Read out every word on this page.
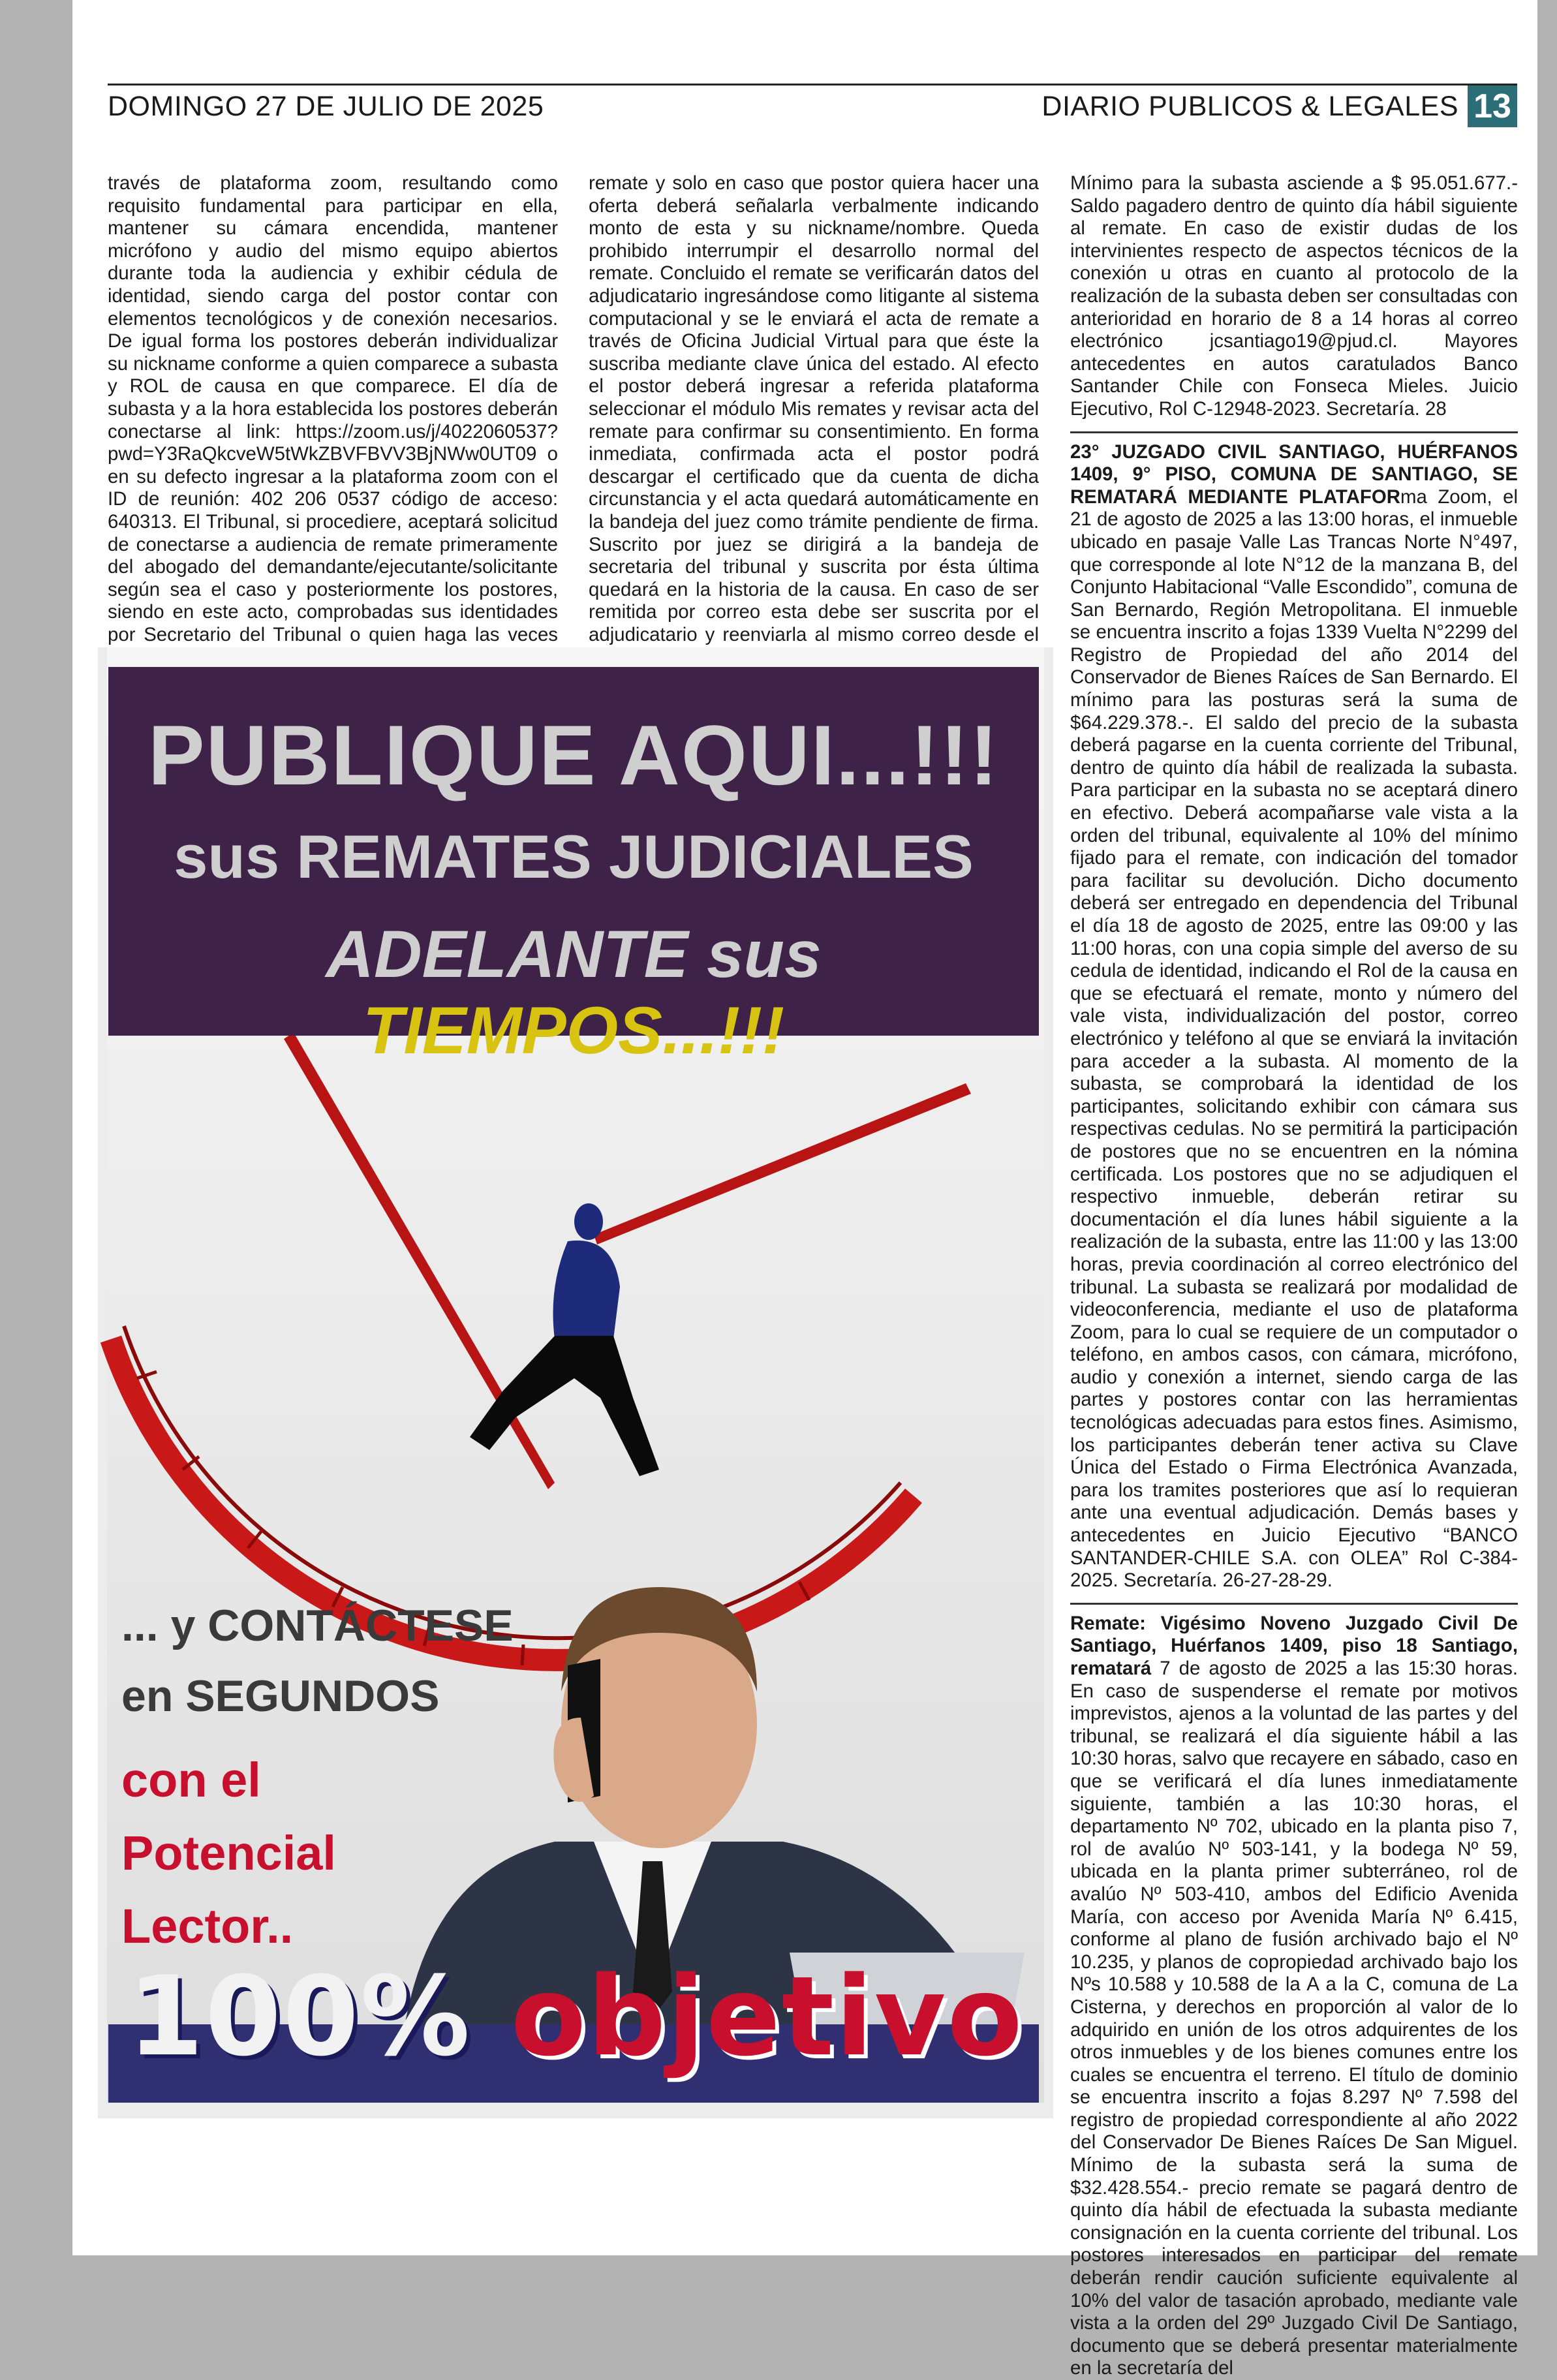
DOMINGO 27 DE JULIO DE 2025	DIARIO PUBLICOS & LEGALES 13

través de plataforma zoom, resultando como requisito fundamental para participar en ella, mantener su cámara encendida, mantener micrófono y audio del mismo equipo abiertos durante toda la audiencia y exhibir cédula de identidad, siendo carga del postor contar con elementos tecnológicos y de conexión necesarios. De igual forma los postores deberán individualizar su nickname conforme a quien comparece a subasta y ROL de causa en que comparece. El día de subasta y a la hora establecida los postores deberán conectarse al link: https://zoom.us/j/4022060537?pwd=Y3RaQkcveW5tWkZBVFBVV3BjNWw0UT09 o en su defecto ingresar a la plataforma zoom con el ID de reunión: 402 206 0537 código de acceso: 640313. El Tribunal, si procediere, aceptará solicitud de conectarse a audiencia de remate primeramente del abogado del demandante/ejecutante/solicitante según sea el caso y posteriormente los postores, siendo en este acto, comprobadas sus identidades por Secretario del Tribunal o quien haga las veces

remate y solo en caso que postor quiera hacer una oferta deberá señalarla verbalmente indicando monto de esta y su nickname/nombre. Queda prohibido interrumpir el desarrollo normal del remate. Concluido el remate se verificarán datos del adjudicatario ingresándose como litigante al sistema computacional y se le enviará el acta de remate a través de Oficina Judicial Virtual para que éste la suscriba mediante clave única del estado. Al efecto el postor deberá ingresar a referida plataforma seleccionar el módulo Mis remates y revisar acta del remate para confirmar su consentimiento. En forma inmediata, confirmada acta el postor podrá descargar el certificado que da cuenta de dicha circunstancia y el acta quedará automáticamente en la bandeja del juez como trámite pendiente de firma. Suscrito por juez se dirigirá a la bandeja de secretaria del tribunal y suscrita por ésta última quedará en la historia de la causa. En caso de ser remitida por correo esta debe ser suscrita por el adjudicatario y reenviarla al mismo correo desde el

Mínimo para la subasta asciende a $ 95.051.677.- Saldo pagadero dentro de quinto día hábil siguiente al remate. En caso de existir dudas de los intervinientes respecto de aspectos técnicos de la conexión u otras en cuanto al protocolo de la realización de la subasta deben ser consultadas con anterioridad en horario de 8 a 14 horas al correo electrónico jcsantiago19@pjud.cl. Mayores antecedentes en autos caratulados Banco Santander Chile con Fonseca Mieles. Juicio Ejecutivo, Rol C-12948-2023. Secretaría. 28

23° JUZGADO CIVIL SANTIAGO, HUÉRFANOS 1409, 9° PISO, COMUNA DE SANTIAGO, SE REMATARÁ MEDIANTE PLATAFORma Zoom, el 21 de agosto de 2025 a las 13:00 horas, el inmueble ubicado en pasaje Valle Las Trancas Norte N°497, que corresponde al lote N°12 de la manzana B, del Conjunto Habitacional “Valle Escondido”, comuna de San Bernardo, Región Metropolitana. El inmueble se encuentra inscrito a fojas 1339 Vuelta N°2299 del Registro de Propiedad del año 2014 del Conservador de Bienes Raíces de San Bernardo. El mínimo para las posturas será la suma de $64.229.378.-. El saldo del precio de la subasta deberá pagarse en la cuenta corriente del Tribunal, dentro de quinto día hábil de realizada la subasta. Para participar en la subasta no se aceptará dinero en efectivo. Deberá acompañarse vale vista a la orden del tribunal, equivalente al 10% del mínimo fijado para el remate, con indicación del tomador para facilitar su devolución. Dicho documento deberá ser entregado en dependencia del Tribunal el día 18 de agosto de 2025, entre las 09:00 y las 11:00 horas, con una copia simple del averso de su cedula de identidad, indicando el Rol de la causa en que se efectuará el remate, monto y número del vale vista, individualización del postor, correo electrónico y teléfono al que se enviará la invitación para acceder a la subasta. Al momento de la subasta, se comprobará la identidad de los participantes, solicitando exhibir con cámara sus respectivas cedulas. No se permitirá la participación de postores que no se encuentren en la nómina certificada. Los postores que no se adjudiquen el respectivo inmueble, deberán retirar su documentación el día lunes hábil siguiente a la realización de la subasta, entre las 11:00 y las 13:00 horas, previa coordinación al correo electrónico del tribunal. La subasta se realizará por modalidad de videoconferencia, mediante el uso de plataforma Zoom, para lo cual se requiere de un computador o teléfono, en ambos casos, con cámara, micrófono, audio y conexión a internet, siendo carga de las partes y postores contar con las herramientas tecnológicas adecuadas para estos fines. Asimismo, los participantes deberán tener activa su Clave Única del Estado o Firma Electrónica Avanzada, para los tramites posteriores que así lo requieran ante una eventual adjudicación. Demás bases y antecedentes en Juicio Ejecutivo “BANCO SANTANDER-CHILE S.A. con OLEA” Rol C-384-2025. Secretaría. 26-27-28-29.

Remate: Vigésimo Noveno Juzgado Civil De Santiago, Huérfanos 1409, piso 18 Santiago, rematará 7 de agosto de 2025 a las 15:30 horas. En caso de suspenderse el remate por motivos imprevistos, ajenos a la voluntad de las partes y del tribunal, se realizará el día siguiente hábil a las 10:30 horas, salvo que recayere en sábado, caso en que se verificará el día lunes inmediatamente siguiente, también a las 10:30 horas, el departamento Nº 702, ubicado en la planta piso 7, rol de avalúo Nº 503-141, y la bodega Nº 59, ubicada en la planta primer subterráneo, rol de avalúo Nº 503-410, ambos del Edificio Avenida María, con acceso por Avenida María Nº 6.415, conforme al plano de fusión archivado bajo el Nº 10.235, y planos de copropiedad archivado bajo los Nºs 10.588 y 10.588 de la A a la C, comuna de La Cisterna, y derechos en proporción al valor de lo adquirido en unión de los otros adquirentes de los otros inmuebles y de los bienes comunes entre los cuales se encuentra el terreno. El título de dominio se encuentra inscrito a fojas 8.297 Nº 7.598 del registro de propiedad correspondiente al año 2022 del Conservador De Bienes Raíces De San Miguel. Mínimo de la subasta será la suma de $32.428.554.- precio remate se pagará dentro de quinto día hábil de efectuada la subasta mediante consignación en la cuenta corriente del tribunal. Los postores interesados en participar del remate deberán rendir caución suficiente equivalente al 10% del valor de tasación aprobado, mediante vale vista a la orden del 29º Juzgado Civil De Santiago, documento que se deberá presentar materialmente en la secretaría del

PUBLIQUE AQUI...!!!
sus REMATES JUDICIALES
ADELANTE sus TIEMPOS...!!!
... y CONTÁCTESE
en SEGUNDOS
con el
Potencial
Lector..
100% objetivo
